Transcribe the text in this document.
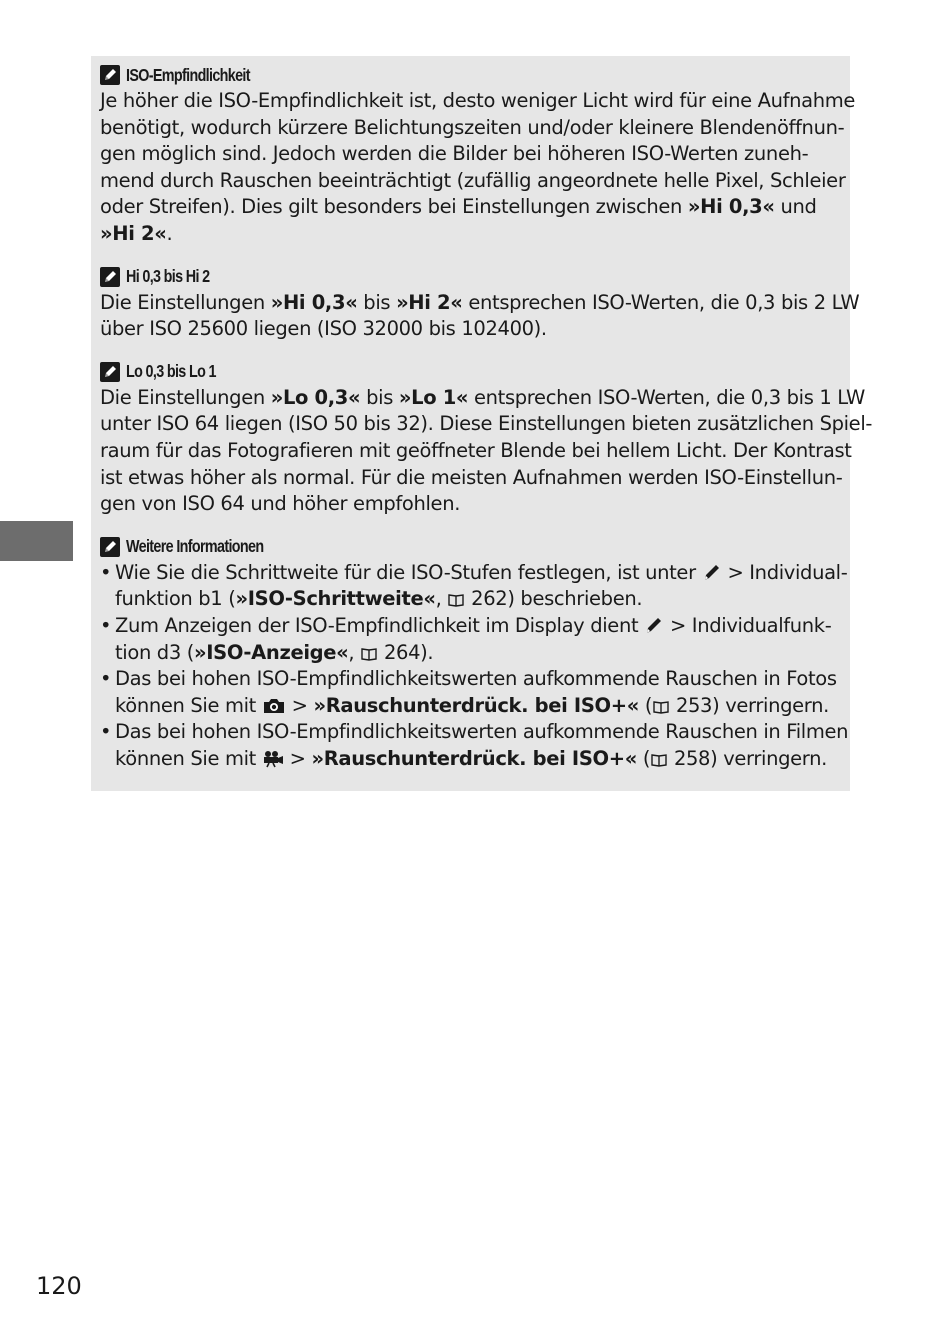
ISO-Empfindlichkeit
Je höher die ISO-Empfindlichkeit ist, desto weniger Licht wird für eine Aufnahme
benötigt, wodurch kürzere Belichtungszeiten und/oder kleinere Blendenöffnun-
gen möglich sind. Jedoch werden die Bilder bei höheren ISO-Werten zuneh-
mend durch Rauschen beeinträchtigt (zufällig angeordnete helle Pixel, Schleier
oder Streifen). Dies gilt besonders bei Einstellungen zwischen »Hi 0,3« und
»Hi 2«.
Hi 0,3 bis Hi 2
Die Einstellungen »Hi 0,3« bis »Hi 2« entsprechen ISO-Werten, die 0,3 bis 2 LW
über ISO 25600 liegen (ISO 32000 bis 102400).
Lo 0,3 bis Lo 1
Die Einstellungen »Lo 0,3« bis »Lo 1« entsprechen ISO-Werten, die 0,3 bis 1 LW
unter ISO 64 liegen (ISO 50 bis 32). Diese Einstellungen bieten zusätzlichen Spiel-
raum für das Fotografieren mit geöffneter Blende bei hellem Licht. Der Kontrast
ist etwas höher als normal. Für die meisten Aufnahmen werden ISO-Einstellun-
gen von ISO 64 und höher empfohlen.
Weitere Informationen
• Wie Sie die Schrittweite für die ISO-Stufen festlegen, ist unter  > Individual-
funktion b1 (»ISO-Schrittweite«,  262) beschrieben.
• Zum Anzeigen der ISO-Empfindlichkeit im Display dient  > Individualfunk-
tion d3 (»ISO-Anzeige«,  264).
• Das bei hohen ISO-Empfindlichkeitswerten aufkommende Rauschen in Fotos
können Sie mit  > »Rauschunterdrück. bei ISO+« ( 253) verringern.
• Das bei hohen ISO-Empfindlichkeitswerten aufkommende Rauschen in Filmen
können Sie mit  > »Rauschunterdrück. bei ISO+« ( 258) verringern.
120
